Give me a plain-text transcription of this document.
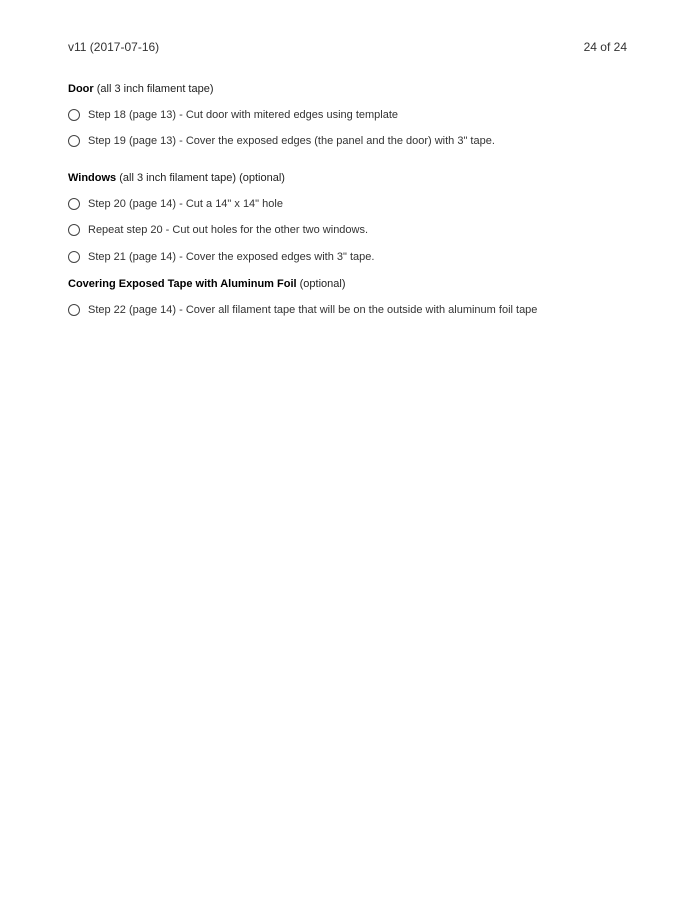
v11 (2017-07-16)	24 of 24
Door (all 3 inch filament tape)
Step 18 (page 13) - Cut door with mitered edges using template
Step 19 (page 13) - Cover the exposed edges (the panel and the door) with 3" tape.
Windows (all 3 inch filament tape) (optional)
Step 20 (page 14) - Cut a 14" x 14" hole
Repeat step 20 - Cut out holes for the other two windows.
Step 21 (page 14) - Cover the exposed edges with 3" tape.
Covering Exposed Tape with Aluminum Foil (optional)
Step 22 (page 14) - Cover all filament tape that will be on the outside with aluminum foil tape
